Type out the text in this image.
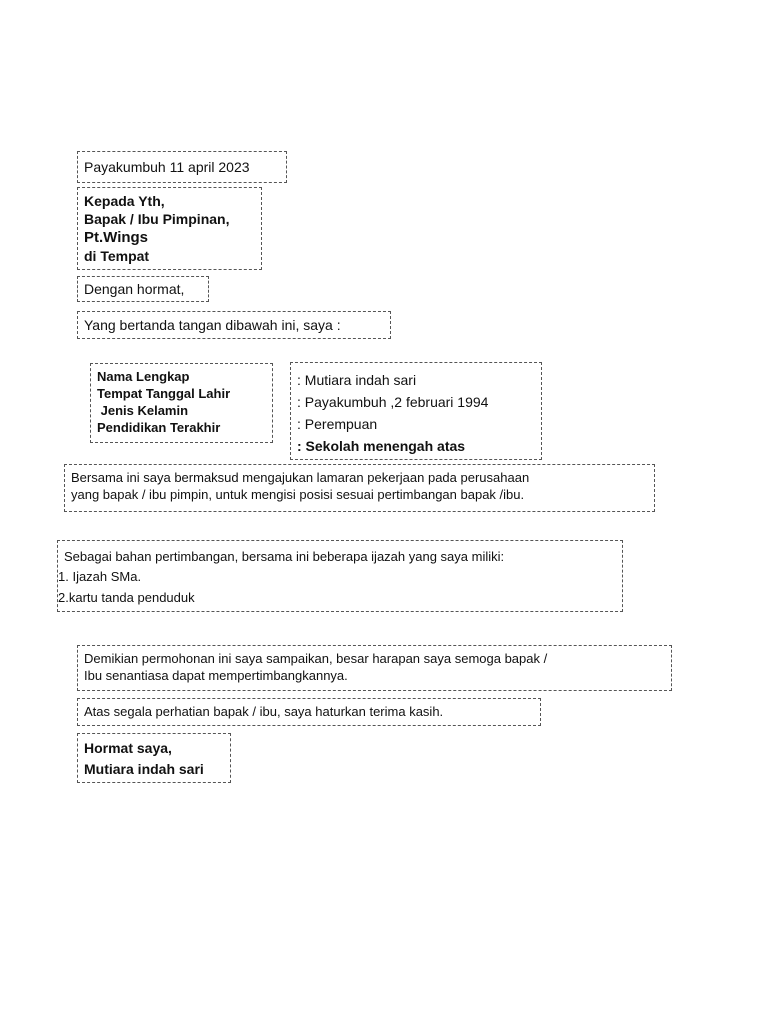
Payakumbuh 11 april 2023
Kepada Yth,
Bapak / Ibu Pimpinan,
Pt.Wings
di Tempat
Dengan hormat,
Yang bertanda tangan dibawah ini, saya :
Nama Lengkap
Tempat Tanggal Lahir
Jenis Kelamin
Pendidikan Terakhir
: Mutiara indah sari
: Payakumbuh ,2 februari 1994
: Perempuan
: Sekolah menengah atas
Bersama ini saya bermaksud mengajukan lamaran pekerjaan pada perusahaan
yang bapak / ibu pimpin, untuk mengisi posisi sesuai pertimbangan bapak /ibu.
Sebagai bahan pertimbangan, bersama ini beberapa ijazah yang saya miliki:
1. Ijazah SMa.
2.kartu tanda penduduk
Demikian permohonan ini saya sampaikan, besar harapan saya semoga bapak /
Ibu senantiasa dapat mempertimbangkannya.
Atas segala perhatian bapak / ibu, saya haturkan terima kasih.
Hormat saya,
Mutiara indah sari
